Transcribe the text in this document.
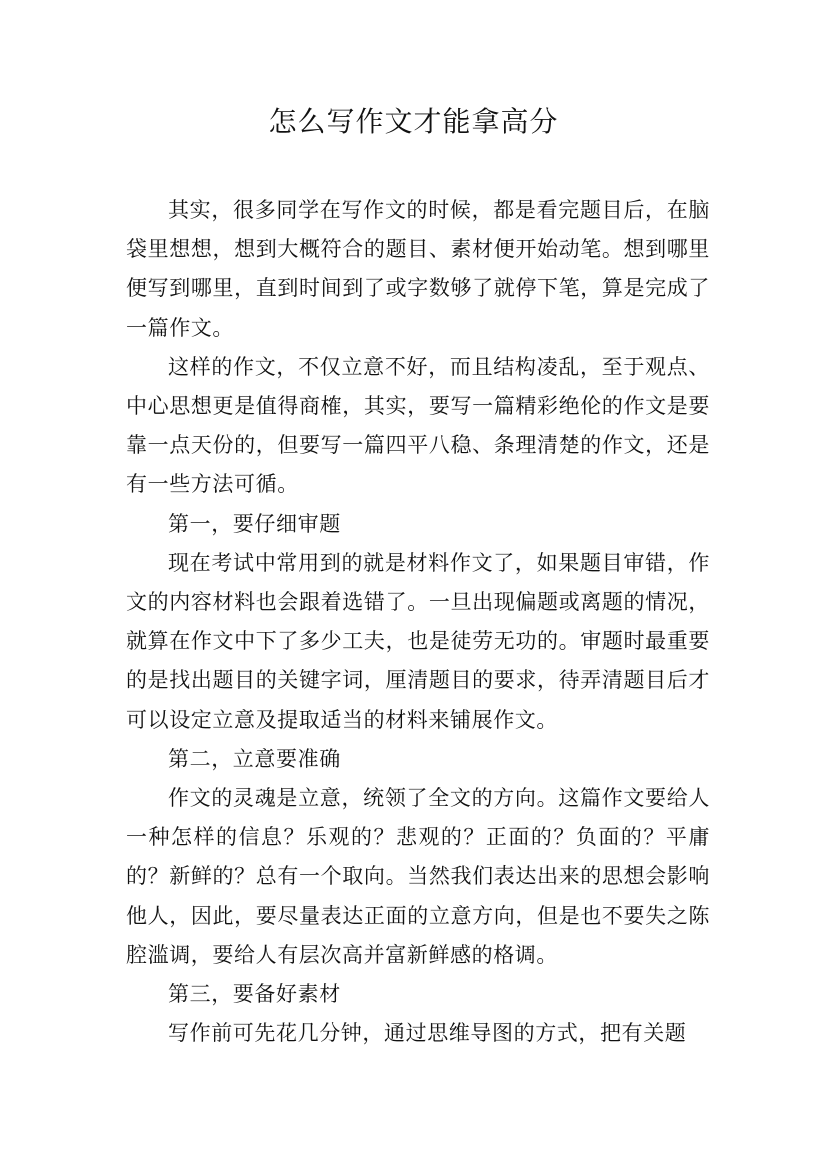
怎么写作文才能拿高分

其实，很多同学在写作文的时候，都是看完题目后，在脑袋里想想，想到大概符合的题目、素材便开始动笔。想到哪里便写到哪里，直到时间到了或字数够了就停下笔，算是完成了一篇作文。

这样的作文，不仅立意不好，而且结构凌乱，至于观点、中心思想更是值得商榷，其实，要写一篇精彩绝伦的作文是要靠一点天份的，但要写一篇四平八稳、条理清楚的作文，还是有一些方法可循。

第一，要仔细审题

现在考试中常用到的就是材料作文了，如果题目审错，作文的内容材料也会跟着选错了。一旦出现偏题或离题的情况，就算在作文中下了多少工夫，也是徒劳无功的。审题时最重要的是找出题目的关键字词，厘清题目的要求，待弄清题目后才可以设定立意及提取适当的材料来铺展作文。

第二，立意要准确

作文的灵魂是立意，统领了全文的方向。这篇作文要给人一种怎样的信息？乐观的？悲观的？正面的？负面的？平庸的？新鲜的？总有一个取向。当然我们表达出来的思想会影响他人，因此，要尽量表达正面的立意方向，但是也不要失之陈腔滥调，要给人有层次高并富新鲜感的格调。

第三，要备好素材

写作前可先花几分钟，通过思维导图的方式，把有关题
